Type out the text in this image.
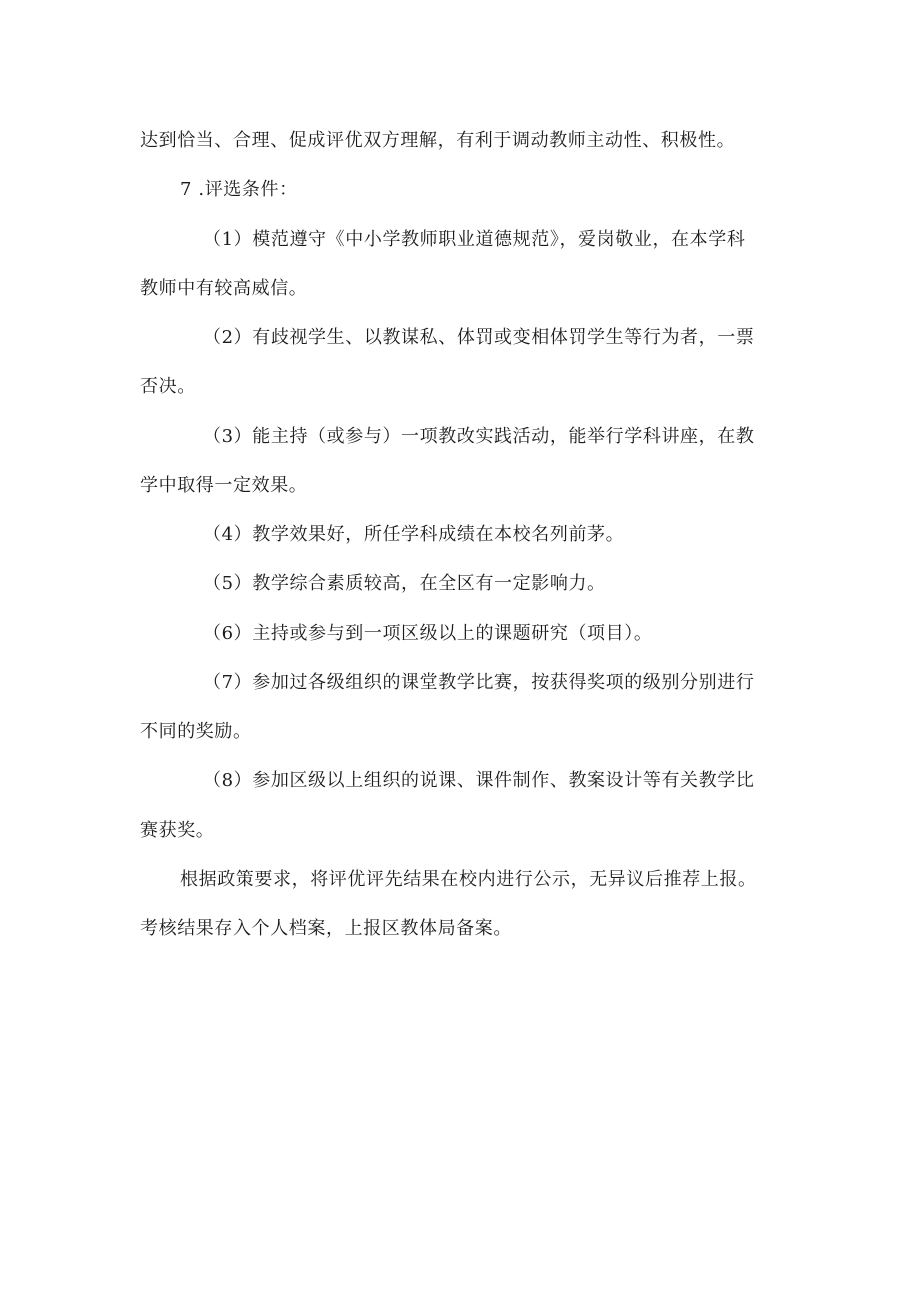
达到恰当、合理、促成评优双方理解，有利于调动教师主动性、积极性。
7 .评选条件：
（1）模范遵守《中小学教师职业道德规范》，爱岗敬业，在本学科
教师中有较高威信。
（2）有歧视学生、以教谋私、体罚或变相体罚学生等行为者，一票
否决。
（3）能主持（或参与）一项教改实践活动，能举行学科讲座，在教
学中取得一定效果。
（4）教学效果好，所任学科成绩在本校名列前茅。
（5）教学综合素质较高，在全区有一定影响力。
（6）主持或参与到一项区级以上的课题研究（项目）。
（7）参加过各级组织的课堂教学比赛，按获得奖项的级别分别进行
不同的奖励。
（8）参加区级以上组织的说课、课件制作、教案设计等有关教学比
赛获奖。
根据政策要求，将评优评先结果在校内进行公示，无异议后推荐上报。
考核结果存入个人档案，上报区教体局备案。
